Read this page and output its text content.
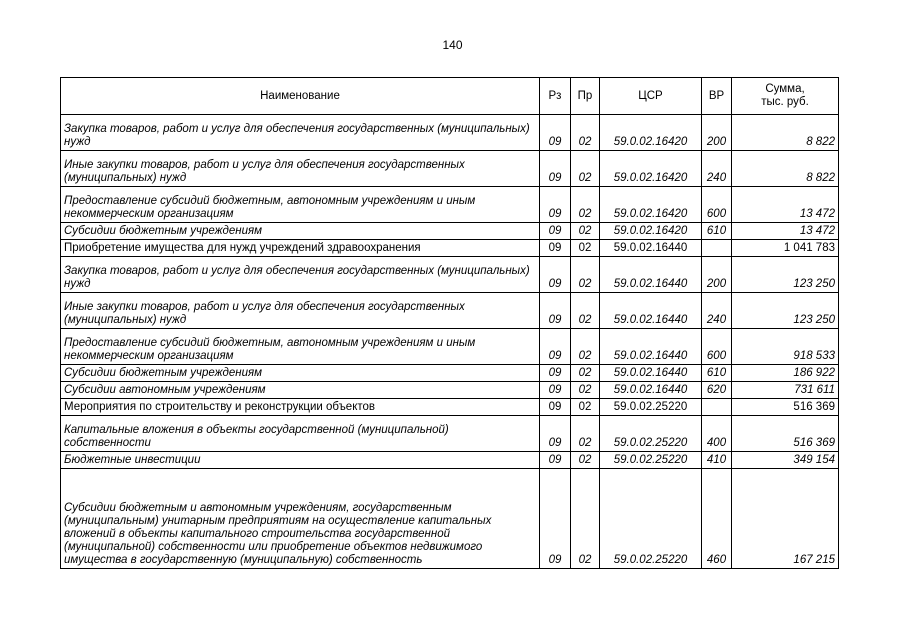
140
Наименование	Рз	Пр	ЦСР	ВР	Сумма,
тыс. руб.
Закупка товаров, работ и услуг для обеспечения государственных (муниципальных) нужд	09	02	59.0.02.16420	200	8 822
Иные закупки товаров, работ и услуг для обеспечения государственных (муниципальных) нужд	09	02	59.0.02.16420	240	8 822
Предоставление субсидий бюджетным, автономным учреждениям и иным некоммерческим организациям	09	02	59.0.02.16420	600	13 472
Субсидии бюджетным учреждениям	09	02	59.0.02.16420	610	13 472
Приобретение имущества для нужд учреждений здравоохранения	09	02	59.0.02.16440		1 041 783
Закупка товаров, работ и услуг для обеспечения государственных (муниципальных) нужд	09	02	59.0.02.16440	200	123 250
Иные закупки товаров, работ и услуг для обеспечения государственных (муниципальных) нужд	09	02	59.0.02.16440	240	123 250
Предоставление субсидий бюджетным, автономным учреждениям и иным некоммерческим организациям	09	02	59.0.02.16440	600	918 533
Субсидии бюджетным учреждениям	09	02	59.0.02.16440	610	186 922
Субсидии автономным учреждениям	09	02	59.0.02.16440	620	731 611
Мероприятия по строительству и реконструкции объектов	09	02	59.0.02.25220		516 369
Капитальные вложения в объекты государственной (муниципальной) собственности	09	02	59.0.02.25220	400	516 369
Бюджетные инвестиции	09	02	59.0.02.25220	410	349 154
Субсидии бюджетным и автономным учреждениям, государственным (муниципальным) унитарным предприятиям на осуществление капитальных вложений в объекты капитального строительства государственной (муниципальной) собственности или приобретение объектов недвижимого имущества в государственную (муниципальную) собственность	09	02	59.0.02.25220	460	167 215
